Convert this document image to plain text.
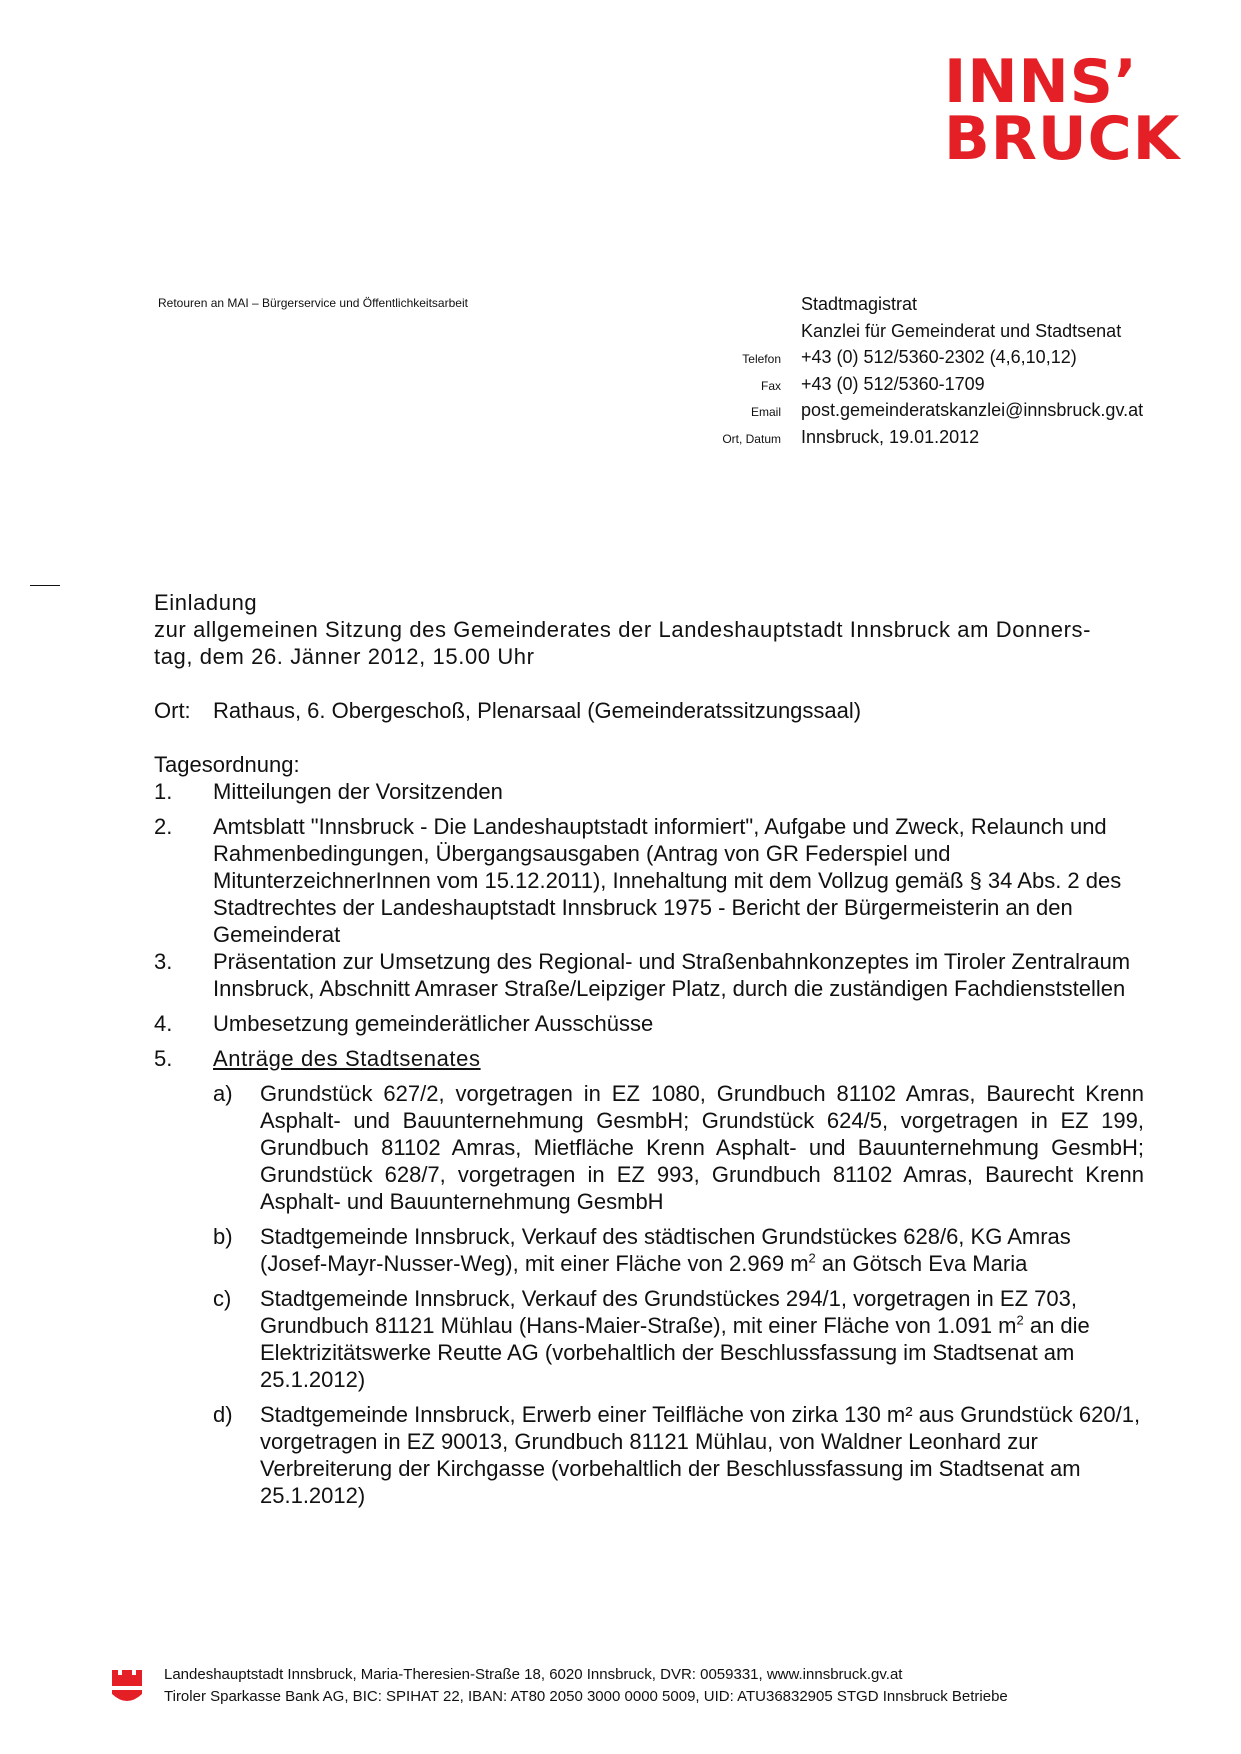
INNS’
BRUCK
Retouren an MAI – Bürgerservice und Öffentlichkeitsarbeit	Stadtmagistrat
Kanzlei für Gemeinderat und Stadtsenat
Telefon	+43 (0) 512/5360-2302 (4,6,10,12)
Fax	+43 (0) 512/5360-1709
Email	post.gemeinderatskanzlei@innsbruck.gv.at
Ort, Datum	Innsbruck, 19.01.2012
Einladung
zur allgemeinen Sitzung des Gemeinderates der Landeshauptstadt Innsbruck am Donners-
tag, dem 26. Jänner 2012, 15.00 Uhr
Ort:	Rathaus, 6. Obergeschoß, Plenarsaal (Gemeinderatssitzungssaal)
Tagesordnung:
1.	Mitteilungen der Vorsitzenden
2.	Amtsblatt "Innsbruck - Die Landeshauptstadt informiert", Aufgabe und Zweck, Relaunch und Rahmenbedingungen, Übergangsausgaben (Antrag von GR Federspiel und MitunterzeichnerInnen vom 15.12.2011), Innehaltung mit dem Vollzug gemäß § 34 Abs. 2 des Stadtrechtes der Landeshauptstadt Innsbruck 1975 - Bericht der Bürgermeisterin an den Gemeinderat
3.	Präsentation zur Umsetzung des Regional- und Straßenbahnkonzeptes im Tiroler Zentralraum Innsbruck, Abschnitt Amraser Straße/Leipziger Platz, durch die zuständigen Fachdienststellen
4.	Umbesetzung gemeinderätlicher Ausschüsse
5.	Anträge des Stadtsenates
a)	Grundstück 627/2, vorgetragen in EZ 1080, Grundbuch 81102 Amras, Baurecht Krenn Asphalt- und Bauunternehmung GesmbH; Grundstück 624/5, vorgetragen in EZ 199, Grundbuch 81102 Amras, Mietfläche Krenn Asphalt- und Bauunternehmung GesmbH; Grundstück 628/7, vorgetragen in EZ 993, Grundbuch 81102 Amras, Baurecht Krenn Asphalt- und Bauunternehmung GesmbH
b)	Stadtgemeinde Innsbruck, Verkauf des städtischen Grundstückes 628/6, KG Amras (Josef-Mayr-Nusser-Weg), mit einer Fläche von 2.969 $m^2$ an Götsch Eva Maria
c)	Stadtgemeinde Innsbruck, Verkauf des Grundstückes 294/1, vorgetragen in EZ 703, Grundbuch 81121 Mühlau (Hans-Maier-Straße), mit einer Fläche von 1.091 $m^2$ an die Elektrizitätswerke Reutte AG (vorbehaltlich der Beschlussfassung im Stadtsenat am 25.1.2012)
d)	Stadtgemeinde Innsbruck, Erwerb einer Teilfläche von zirka 130 m² aus Grundstück 620/1, vorgetragen in EZ 90013, Grundbuch 81121 Mühlau, von Waldner Leonhard zur Verbreiterung der Kirchgasse (vorbehaltlich der Beschlussfassung im Stadtsenat am 25.1.2012)
Landeshauptstadt Innsbruck, Maria-Theresien-Straße 18, 6020 Innsbruck, DVR: 0059331, www.innsbruck.gv.at
Tiroler Sparkasse Bank AG, BIC: SPIHAT 22, IBAN: AT80 2050 3000 0000 5009, UID: ATU36832905 STGD Innsbruck Betriebe
